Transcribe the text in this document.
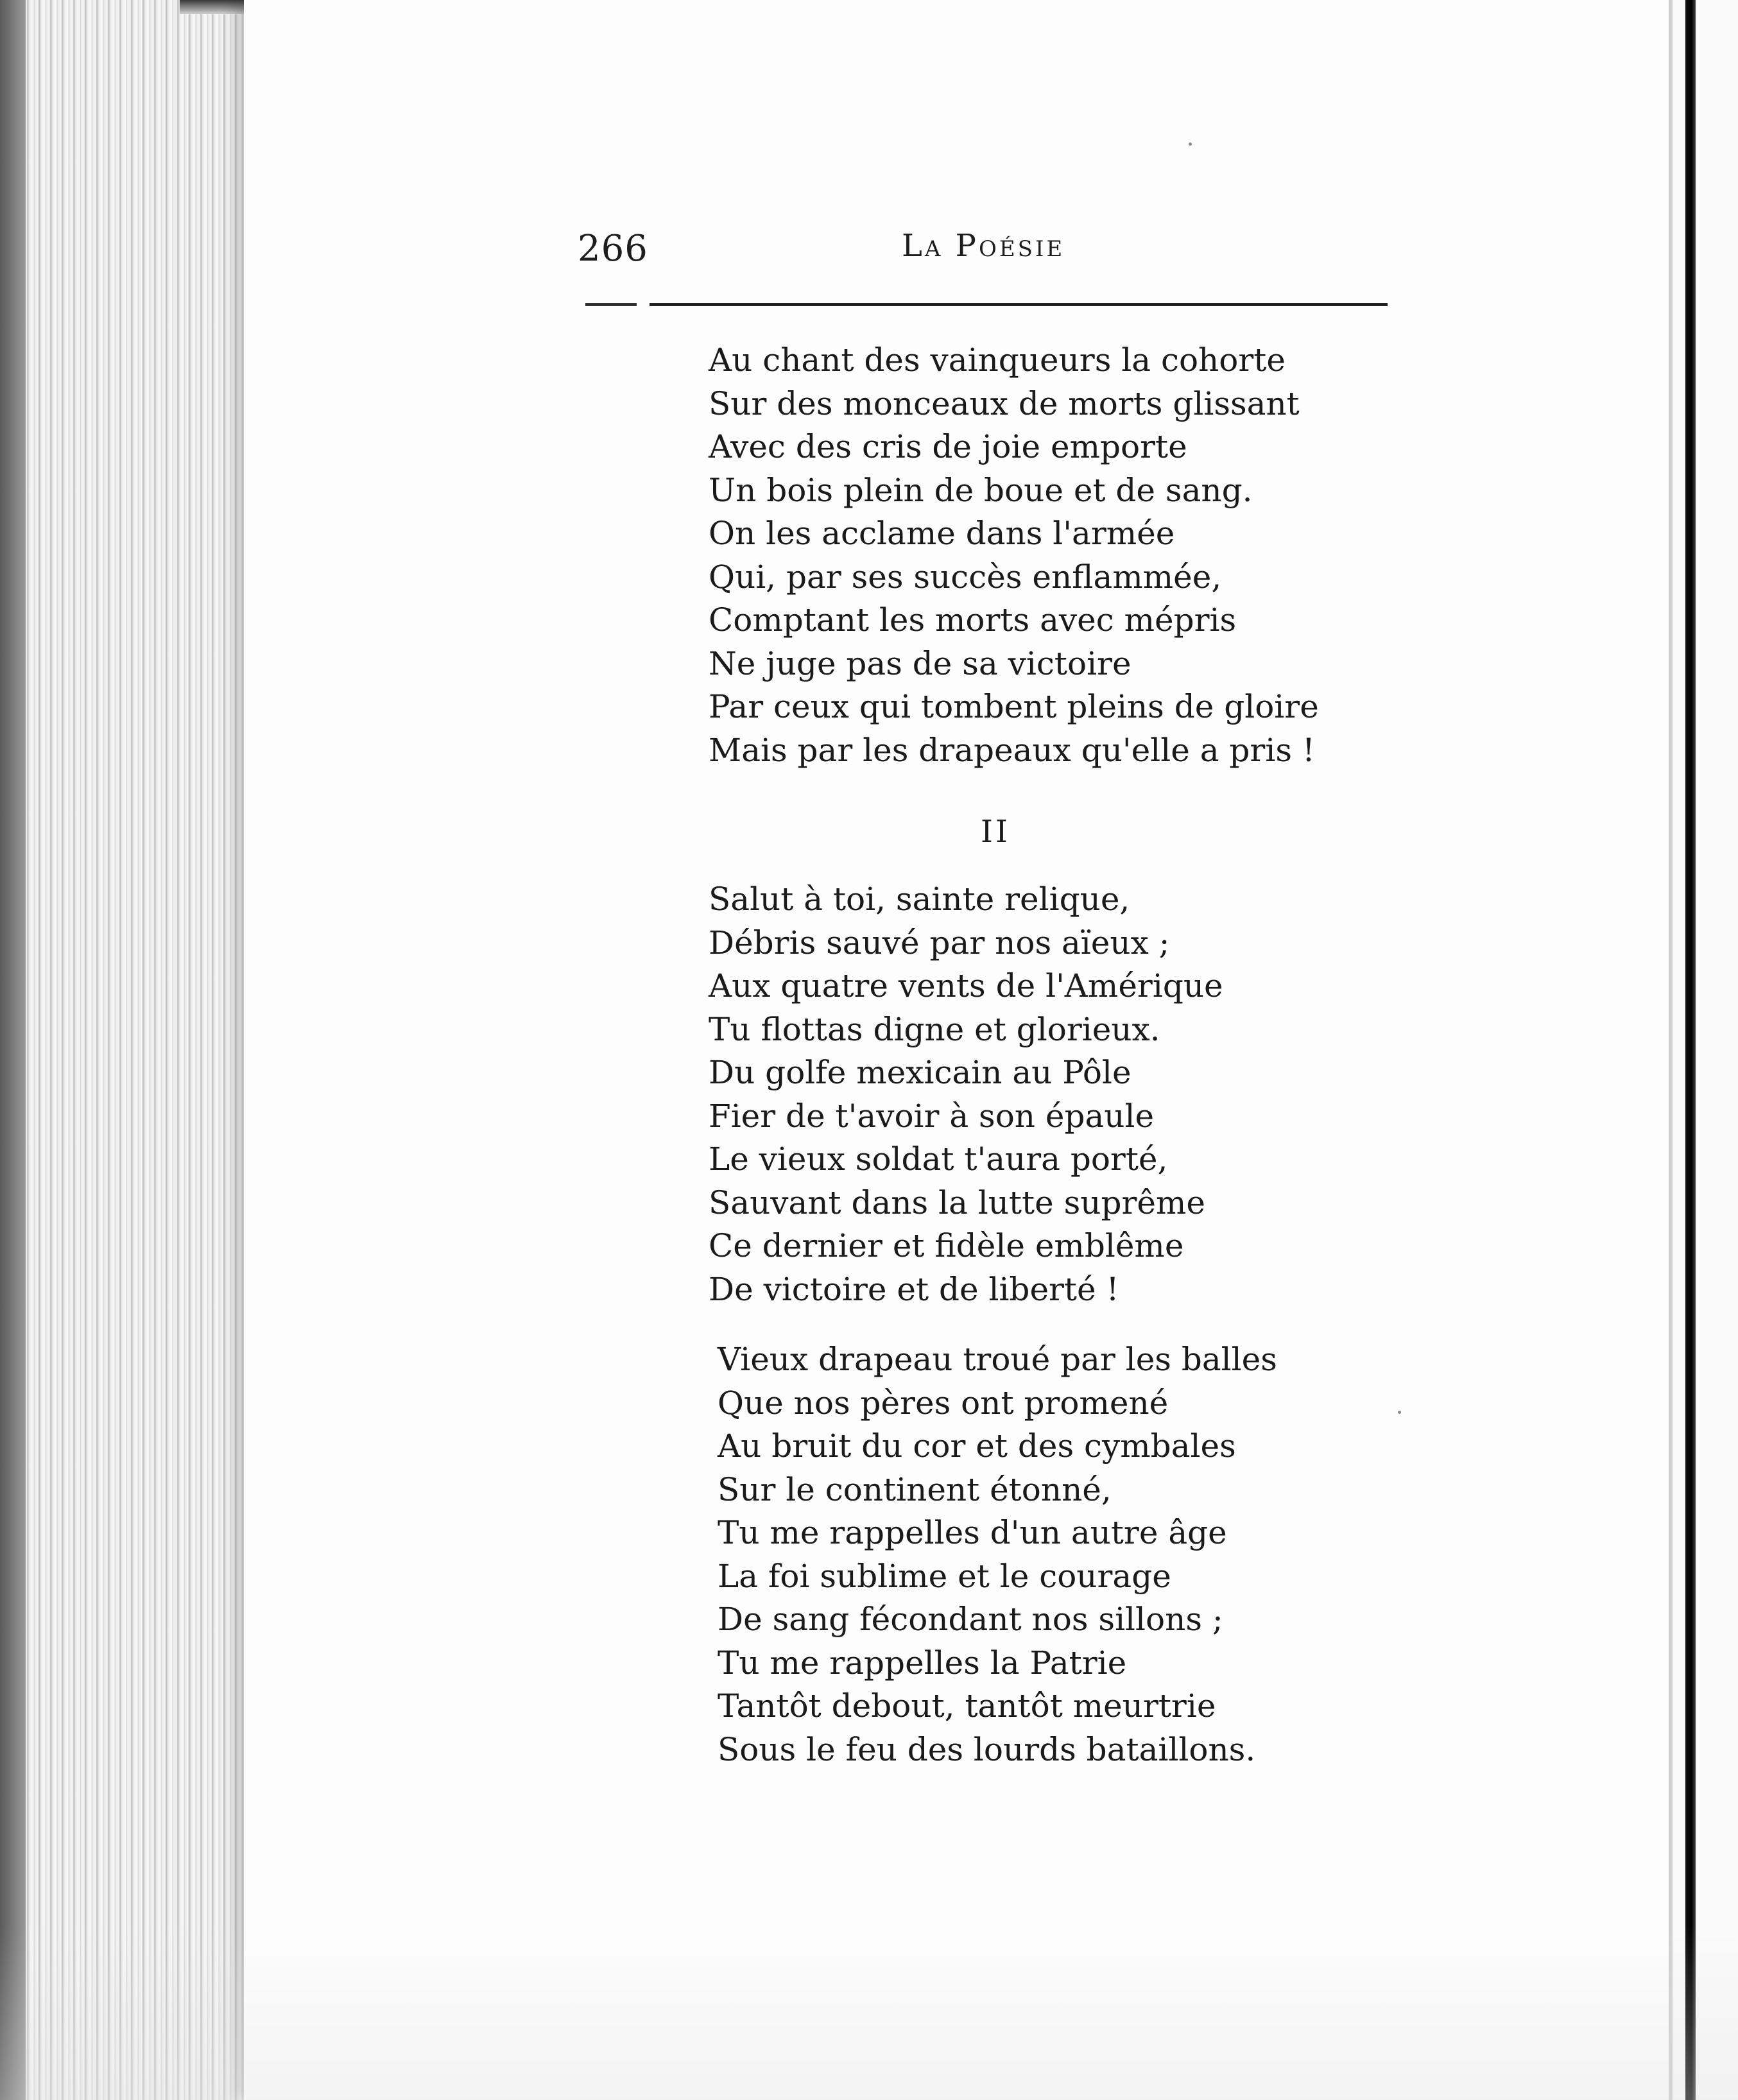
266	La Poésie
Au chant des vainqueurs la cohorte
Sur des monceaux de morts glissant
Avec des cris de joie emporte
Un bois plein de boue et de sang.
On les acclame dans l'armée
Qui, par ses succès enflammée,
Comptant les morts avec mépris
Ne juge pas de sa victoire
Par ceux qui tombent pleins de gloire
Mais par les drapeaux qu'elle a pris !
II
Salut à toi, sainte relique,
Débris sauvé par nos aïeux ;
Aux quatre vents de l'Amérique
Tu flottas digne et glorieux.
Du golfe mexicain au Pôle
Fier de t'avoir à son épaule
Le vieux soldat t'aura porté,
Sauvant dans la lutte suprême
Ce dernier et fidèle emblême
De victoire et de liberté !
Vieux drapeau troué par les balles
Que nos pères ont promené
Au bruit du cor et des cymbales
Sur le continent étonné,
Tu me rappelles d'un autre âge
La foi sublime et le courage
De sang fécondant nos sillons ;
Tu me rappelles la Patrie
Tantôt debout, tantôt meurtrie
Sous le feu des lourds bataillons.
